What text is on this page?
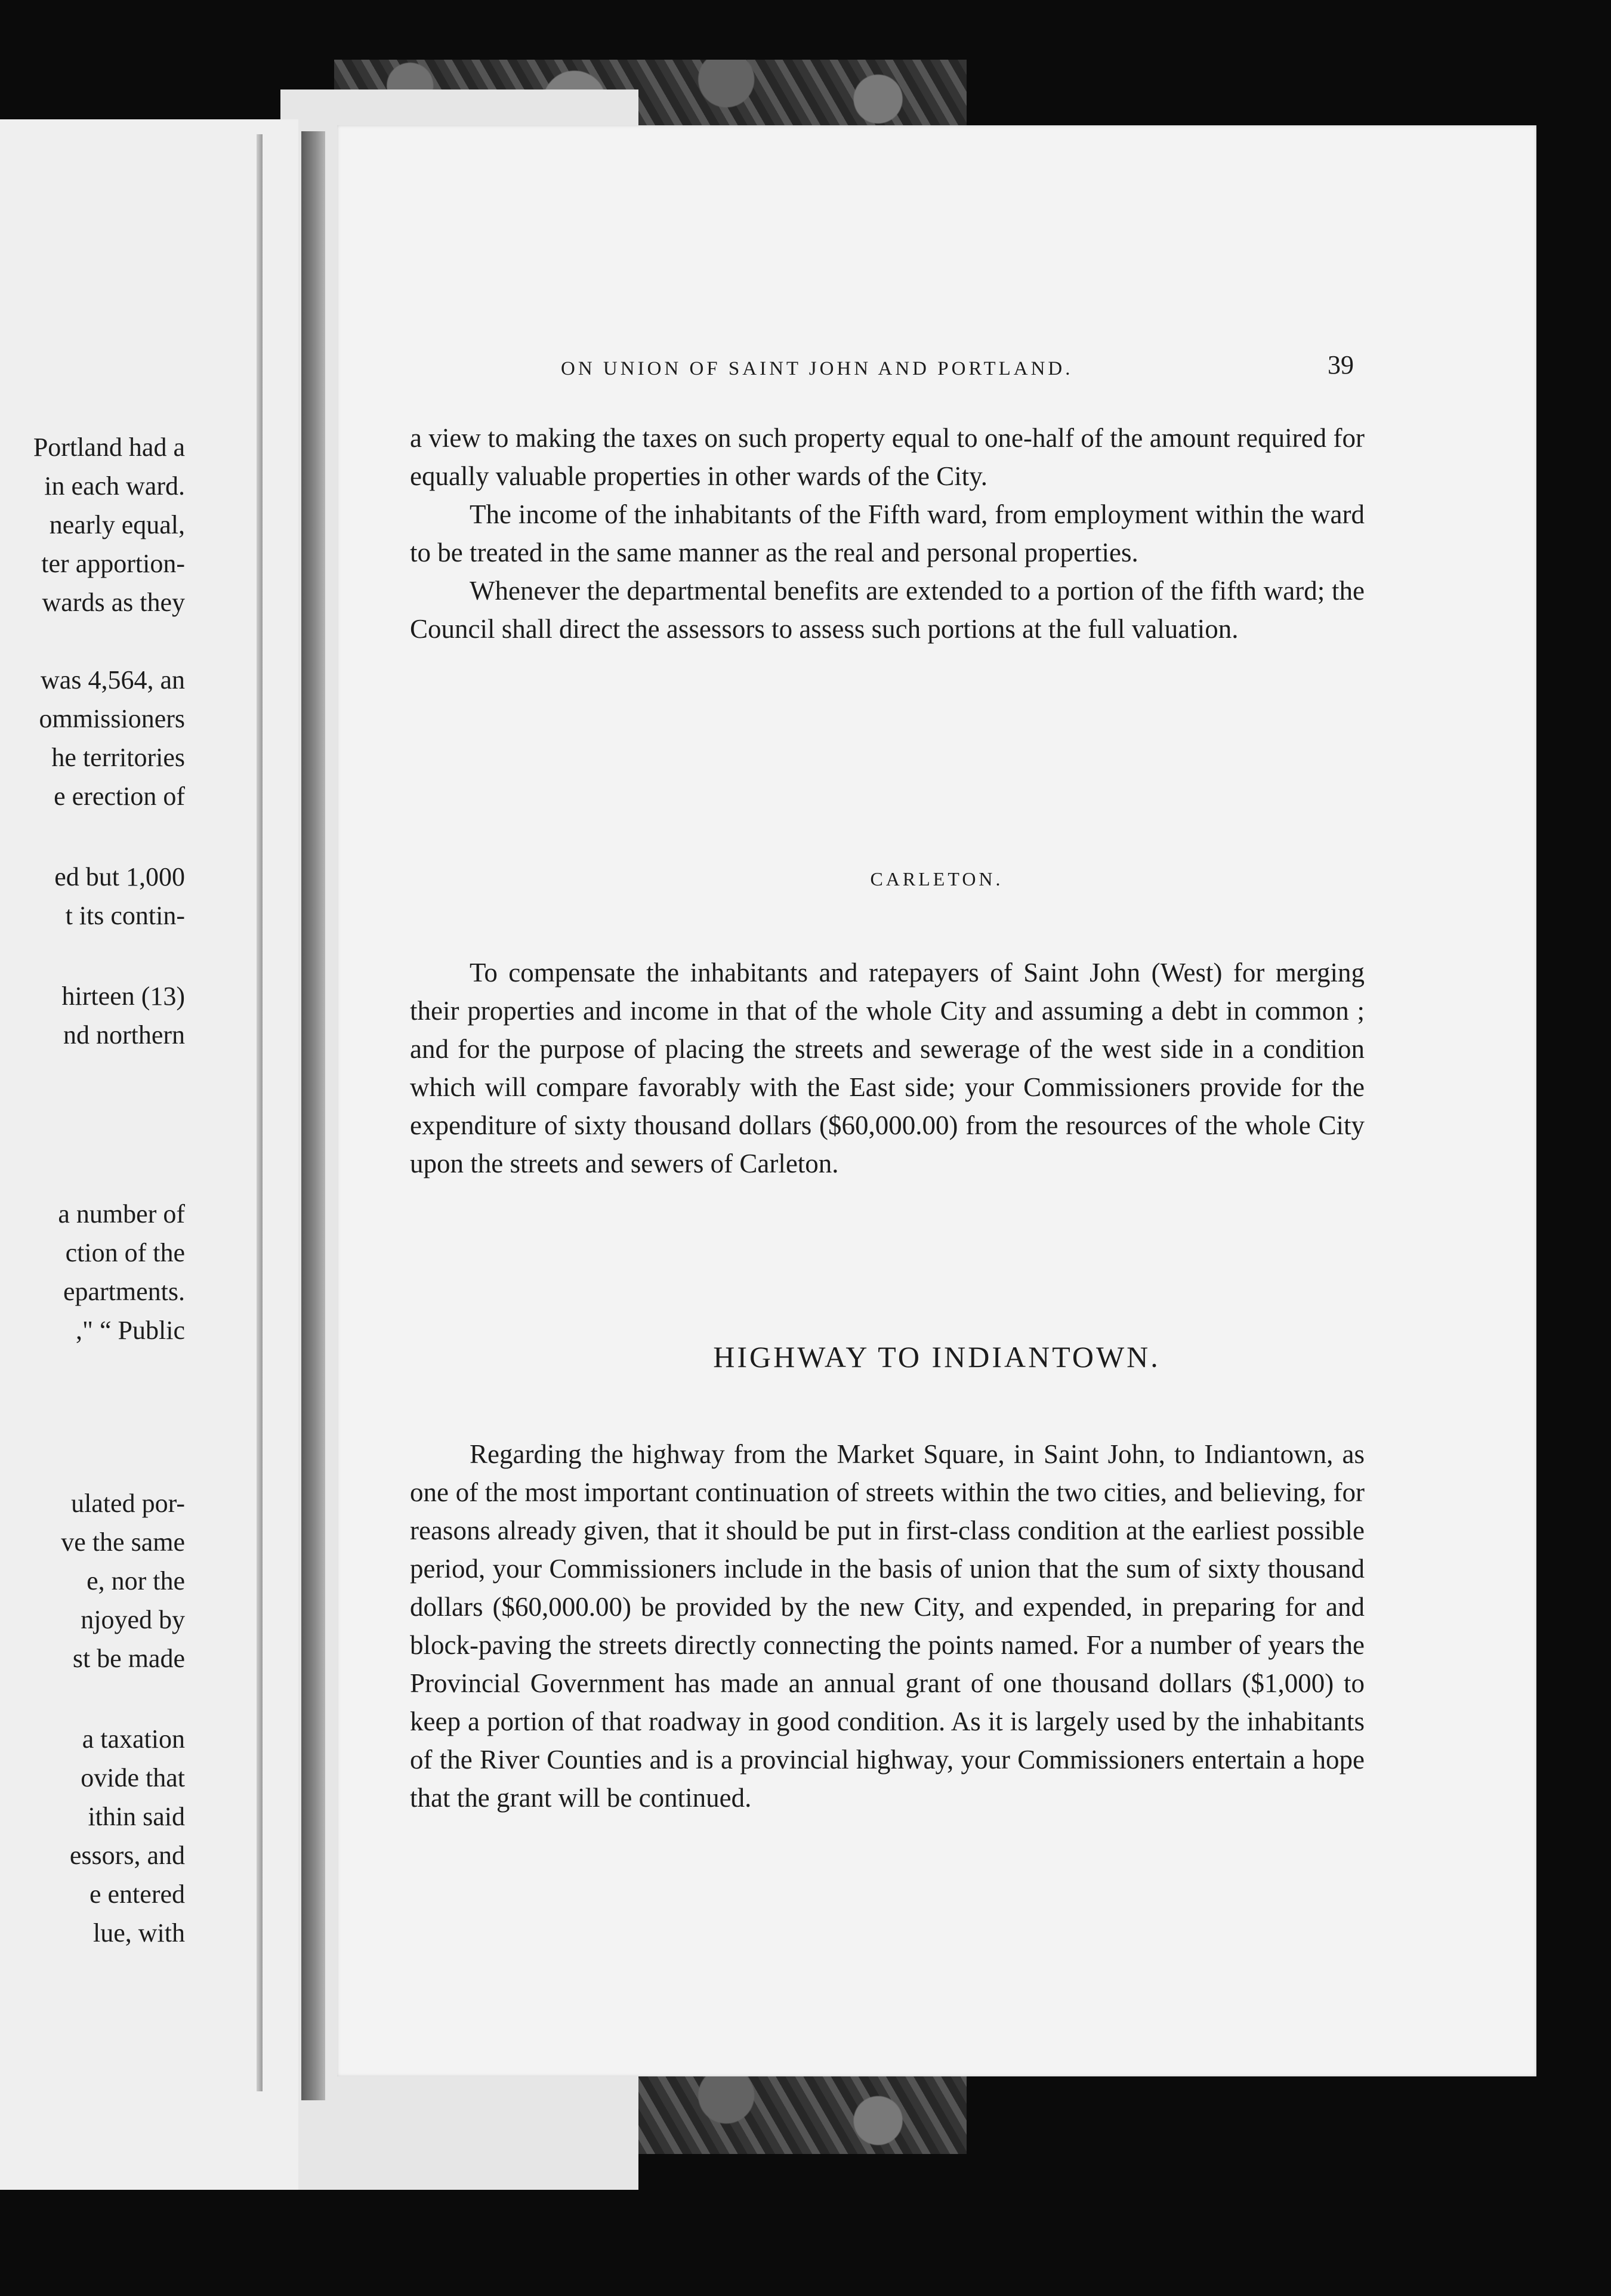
Portland had a
in each ward.
nearly equal,
ter apportion-
wards as they
was 4,564, an
ommissioners
he territories
e erection of
ed but 1,000
t its contin-
hirteen (13)
nd northern
a number of
ction of the
epartments.
," “ Public
ulated por-
ve the same
e, nor the
njoyed by
st be made
a taxation
ovide that
ithin said
essors, and
e entered
lue, with
ON UNION OF SAINT JOHN AND PORTLAND.	39

a view to making the taxes on such property equal to one-half of the amount required for equally valuable properties in other wards of the City.

The income of the inhabitants of the Fifth ward, from employment within the ward to be treated in the same manner as the real and personal properties.

Whenever the departmental benefits are extended to a portion of the fifth ward; the Council shall direct the assessors to assess such portions at the full valuation.

CARLETON.

To compensate the inhabitants and ratepayers of Saint John (West) for merging their properties and income in that of the whole City and assuming a debt in common ; and for the purpose of placing the streets and sewerage of the west side in a condition which will compare favorably with the East side; your Commissioners provide for the expenditure of sixty thousand dollars ($60,000.00) from the resources of the whole City upon the streets and sewers of Carleton.

HIGHWAY TO INDIANTOWN.

Regarding the highway from the Market Square, in Saint John, to Indiantown, as one of the most important continuation of streets within the two cities, and believing, for reasons already given, that it should be put in first-class condition at the earliest possible period, your Commissioners include in the basis of union that the sum of sixty thousand dollars ($60,000.00) be provided by the new City, and expended, in preparing for and block-paving the streets directly connecting the points named. For a number of years the Provincial Government has made an annual grant of one thousand dollars ($1,000) to keep a portion of that roadway in good condition. As it is largely used by the inhabitants of the River Counties and is a provincial highway, your Commissioners entertain a hope that the grant will be continued.
